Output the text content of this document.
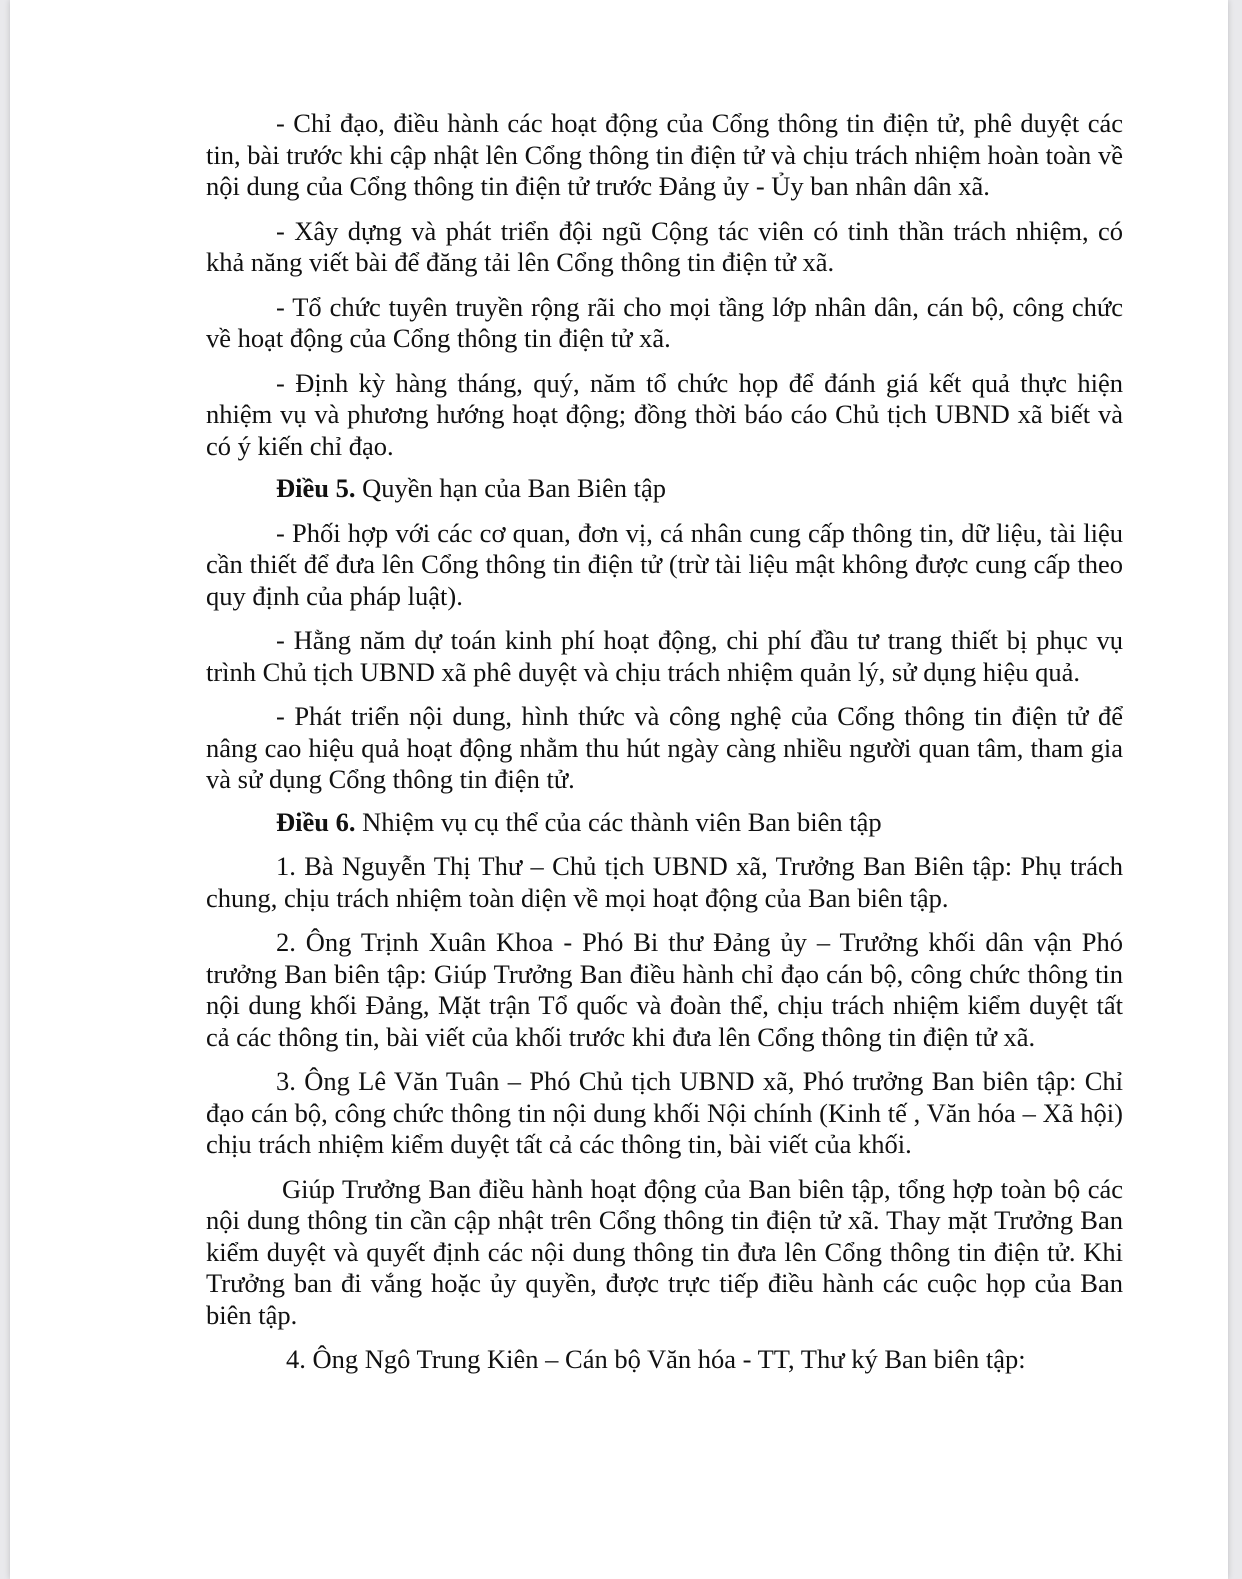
- Chỉ đạo, điều hành các hoạt động của Cổng thông tin điện tử, phê duyệt các tin, bài trước khi cập nhật lên Cổng thông tin điện tử và chịu trách nhiệm hoàn toàn về nội dung của Cổng thông tin điện tử trước Đảng ủy - Ủy ban nhân dân xã.

- Xây dựng và phát triển đội ngũ Cộng tác viên có tinh thần trách nhiệm, có khả năng viết bài để đăng tải lên Cổng thông tin điện tử xã.

- Tổ chức tuyên truyền rộng rãi cho mọi tầng lớp nhân dân, cán bộ, công chức về hoạt động của Cổng thông tin điện tử xã.

- Định kỳ hàng tháng, quý, năm tổ chức họp để đánh giá kết quả thực hiện nhiệm vụ và phương hướng hoạt động; đồng thời báo cáo Chủ tịch UBND xã biết và có ý kiến chỉ đạo.

Điều 5. Quyền hạn của Ban Biên tập

- Phối hợp với các cơ quan, đơn vị, cá nhân cung cấp thông tin, dữ liệu, tài liệu cần thiết để đưa lên Cổng thông tin điện tử (trừ tài liệu mật không được cung cấp theo quy định của pháp luật).

- Hằng năm dự toán kinh phí hoạt động, chi phí đầu tư trang thiết bị phục vụ trình Chủ tịch UBND xã phê duyệt và chịu trách nhiệm quản lý, sử dụng hiệu quả.

- Phát triển nội dung, hình thức và công nghệ của Cổng thông tin điện tử để nâng cao hiệu quả hoạt động nhằm thu hút ngày càng nhiều người quan tâm, tham gia và sử dụng Cổng thông tin điện tử.

Điều 6. Nhiệm vụ cụ thể của các thành viên Ban biên tập

1. Bà Nguyễn Thị Thư – Chủ tịch UBND xã, Trưởng Ban Biên tập: Phụ trách chung, chịu trách nhiệm toàn diện về mọi hoạt động của Ban biên tập.

2. Ông Trịnh Xuân Khoa - Phó Bi thư Đảng ủy – Trưởng khối dân vận Phó trưởng Ban biên tập: Giúp Trưởng Ban điều hành chỉ đạo cán bộ, công chức thông tin nội dung khối Đảng, Mặt trận Tổ quốc và đoàn thể, chịu trách nhiệm kiểm duyệt tất cả các thông tin, bài viết của khối trước khi đưa lên Cổng thông tin điện tử xã.

3. Ông Lê Văn Tuân – Phó Chủ tịch UBND xã, Phó trưởng Ban biên tập: Chỉ đạo cán bộ, công chức thông tin nội dung khối Nội chính (Kinh tế , Văn hóa – Xã hội) chịu trách nhiệm kiểm duyệt tất cả các thông tin, bài viết của khối.

Giúp Trưởng Ban điều hành hoạt động của Ban biên tập, tổng hợp toàn bộ các nội dung thông tin cần cập nhật trên Cổng thông tin điện tử xã. Thay mặt Trưởng Ban kiểm duyệt và quyết định các nội dung thông tin đưa lên Cổng thông tin điện tử. Khi Trưởng ban đi vắng hoặc ủy quyền, được trực tiếp điều hành các cuộc họp của Ban biên tập.

4. Ông Ngô Trung Kiên – Cán bộ Văn hóa - TT, Thư ký Ban biên tập:
